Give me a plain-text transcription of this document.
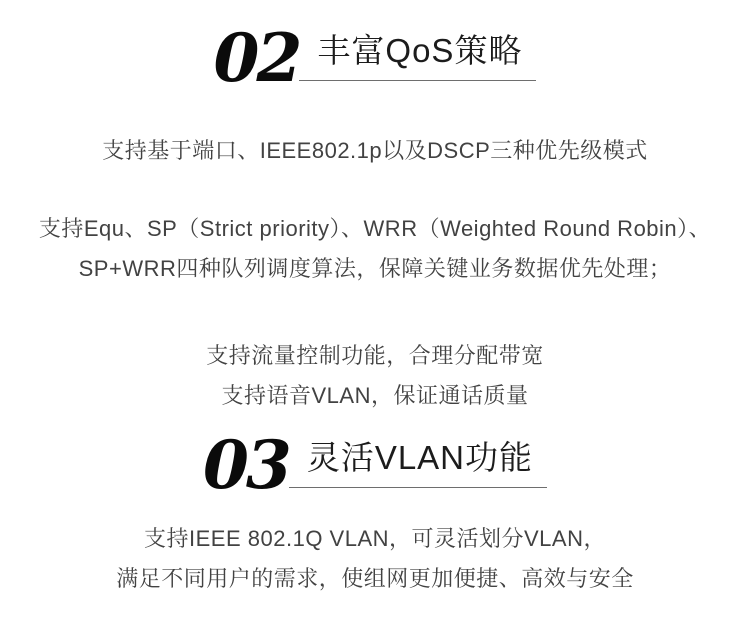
02 丰富QoS策略
支持基于端口、IEEE802.1p以及DSCP三种优先级模式
支持Equ、SP（Strict priority）、WRR（Weighted Round Robin）、
SP+WRR四种队列调度算法，保障关键业务数据优先处理；
支持流量控制功能，合理分配带宽
支持语音VLAN，保证通话质量
03 灵活VLAN功能
支持IEEE 802.1Q VLAN，可灵活划分VLAN，
满足不同用户的需求，使组网更加便捷、高效与安全
